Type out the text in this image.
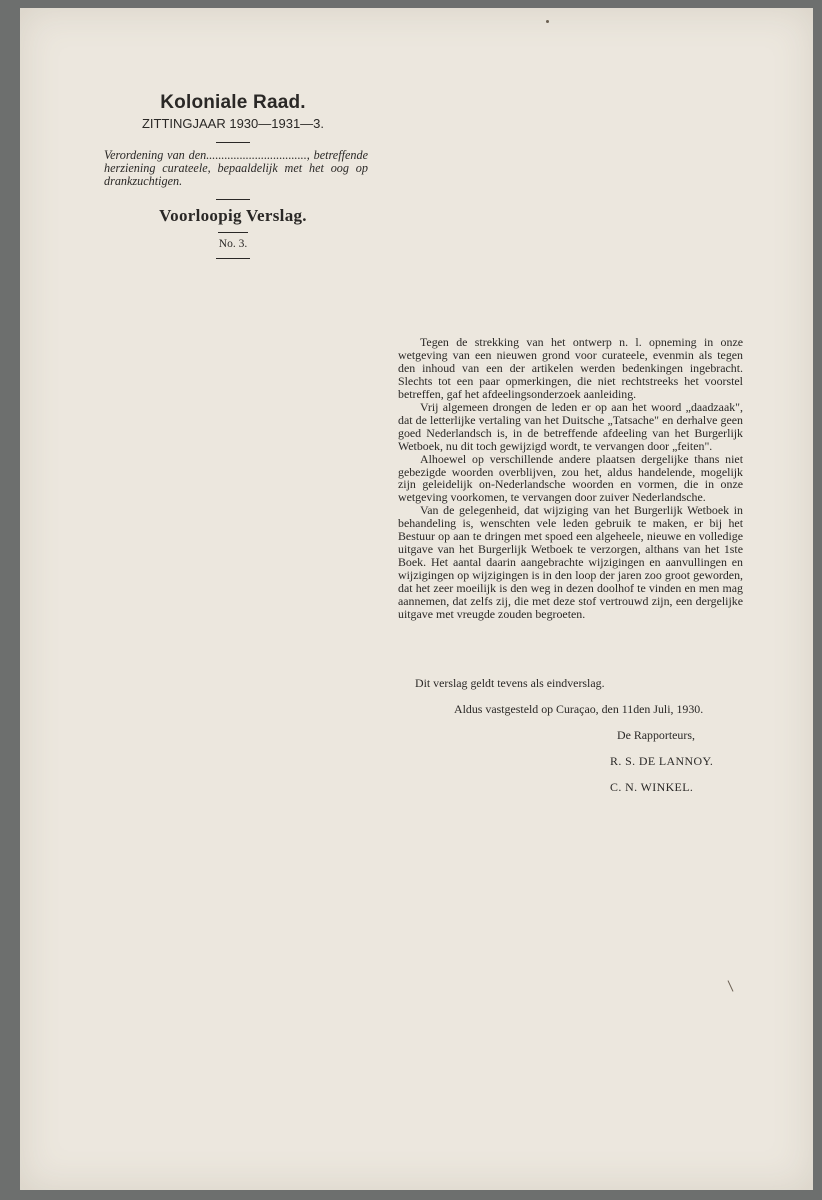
Koloniale Raad.
ZITTINGJAAR 1930—1931—3.
Verordening van den................................., betreffende herziening curateele, bepaaldelijk met het oog op drankzuchtigen.
Voorloopig Verslag.
No. 3.

Tegen de strekking van het ontwerp n. l. opneming in onze wetgeving van een nieuwen grond voor curateele, evenmin als tegen den inhoud van een der artikelen werden bedenkingen ingebracht. Slechts tot een paar opmerkingen, die niet rechtstreeks het voorstel betreffen, gaf het afdeelingsonderzoek aanleiding.

Vrij algemeen drongen de leden er op aan het woord „daadzaak", dat de letterlijke vertaling van het Duitsche „Tatsache" en derhalve geen goed Nederlandsch is, in de betreffende afdeeling van het Burgerlijk Wetboek, nu dit toch gewijzigd wordt, te vervangen door „feiten".

Alhoewel op verschillende andere plaatsen dergelijke thans niet gebezigde woorden overblijven, zou het, aldus handelende, mogelijk zijn geleidelijk on-Nederlandsche woorden en vormen, die in onze wetgeving voorkomen, te vervangen door zuiver Nederlandsche.

Van de gelegenheid, dat wijziging van het Burgerlijk Wetboek in behandeling is, wenschten vele leden gebruik te maken, er bij het Bestuur op aan te dringen met spoed een algeheele, nieuwe en volledige uitgave van het Burgerlijk Wetboek te verzorgen, althans van het 1ste Boek. Het aantal daarin aangebrachte wijzigingen en aanvullingen en wijzigingen op wijzigingen is in den loop der jaren zoo groot geworden, dat het zeer moeilijk is den weg in dezen doolhof te vinden en men mag aannemen, dat zelfs zij, die met deze stof vertrouwd zijn, een dergelijke uitgave met vreugde zouden begroeten.

Dit verslag geldt tevens als eindverslag.
Aldus vastgesteld op Curaçao, den 11den Juli, 1930.
De Rapporteurs,
R. S. DE LANNOY.
C. N. WINKEL.
